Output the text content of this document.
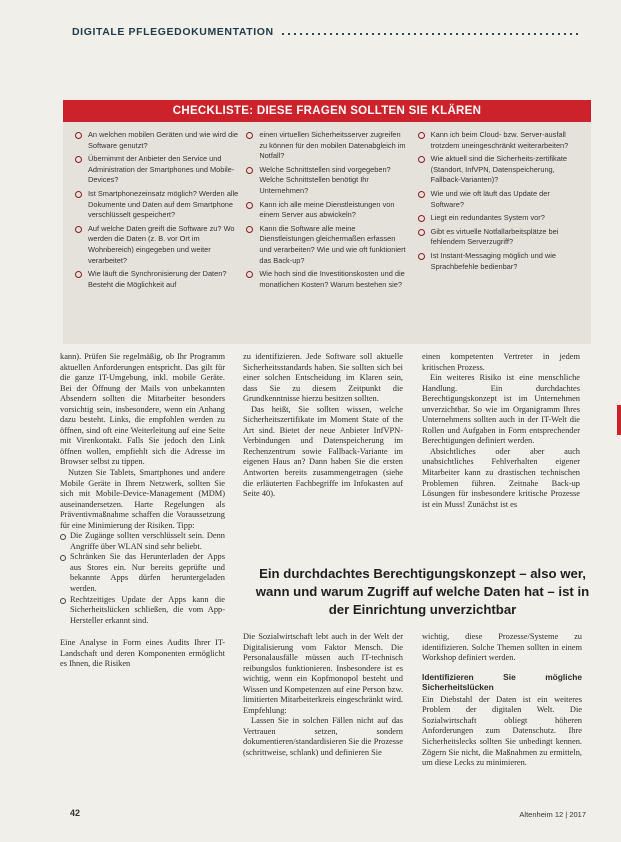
DIGITALE PFLEGEDOKUMENTATION
CHECKLISTE: DIESE FRAGEN SOLLTEN SIE KLÄREN
An welchen mobilen Geräten und wie wird die Software genutzt?
Übernimmt der Anbieter den Service und Administration der Smartphones und Mobile-Devices?
Ist Smartphonezeinsatz möglich? Werden alle Dokumente und Daten auf dem Smartphone verschlüsselt gespeichert?
Auf welche Daten greift die Software zu? Wo werden die Daten (z. B. vor Ort im Wohnbereich) eingegeben und weiter verarbeitet?
Wie läuft die Synchronisierung der Daten? Besteht die Möglichkeit auf
einen virtuellen Sicherheitsserver zugreifen zu können für den mobilen Datenabgleich im Notfall?
Welche Schnittstellen sind vorgegeben? Welche Schnittstellen benötigt Ihr Unternehmen?
Kann ich alle meine Dienstleistungen von einem Server aus abwickeln?
Kann die Software alle meine Dienstleistungen gleichermaßen erfassen und verarbeiten? Wie und wie oft funktioniert das Back-up?
Wie hoch sind die Investitionskosten und die monatlichen Kosten? Warum bestehen sie?
Kann ich beim Cloud- bzw. Server-ausfall trotzdem uneingeschränkt weiterarbeiten?
Wie aktuell sind die Sicherheits-zertifikate (Standort, InfVPN, Datenspeicherung, Fallback-Varianten)?
Wie und wie oft läuft das Update der Software?
Liegt ein redundantes System vor?
Gibt es virtuelle Notfallarbeitsplätze bei fehlendem Serverzugriff?
Ist Instant-Messaging möglich und wie Sprachbefehle bedienbar?

kann). Prüfen Sie regelmäßig, ob Ihr Programm aktuellen Anforderungen entspricht. Das gilt für die ganze IT-Umgebung, inkl. mobile Geräte. Bei der Öffnung der Mails von unbekannten Absendern sollten die Mitarbeiter besonders vorsichtig sein, insbesondere, wenn ein Anhang dazu besteht. Links, die empfohlen werden zu öffnen, sind oft eine Weiterleitung auf eine Seite mit Virenkontakt. Falls Sie jedoch den Link öffnen wollen, empfiehlt sich die Adresse im Browser selbst zu tippen.

Nutzen Sie Tablets, Smartphones und andere Mobile Geräte in Ihrem Netzwerk, sollten Sie sich mit Mobile-Device-Management (MDM) auseinandersetzen. Harte Regelungen als Präventivmaßnahme schaffen die Voraussetzung für eine Minimierung der Risiken. Tipp:

Die Zugänge sollten verschlüsselt sein. Denn Angriffe über WLAN sind sehr beliebt.
Schränken Sie das Herunterladen der Apps aus Stores ein. Nur bereits geprüfte und bekannte Apps dürfen heruntergeladen werden.
Rechtzeitiges Update der Apps kann die Sicherheitslücken schließen, die vom App-Hersteller erkannt sind.

Eine Analyse in Form eines Audits Ihrer IT-Landschaft und deren Komponenten ermöglicht es Ihnen, die Risiken

zu identifizieren. Jede Software soll aktuelle Sicherheitsstandards haben. Sie sollten sich bei einer solchen Entscheidung im Klaren sein, dass Sie zu diesem Zeitpunkt die Grundkenntnisse hierzu besitzen sollten.

Das heißt, Sie sollten wissen, welche Sicherheitszertifikate im Moment State of the Art sind. Bietet der neue Anbieter InfVPN-Verbindungen und Datenspeicherung im Rechenzentrum sowie Fallback-Variante im eigenen Haus an? Dann haben Sie die ersten Antworten bereits zusammengetragen (siehe die erläuterten Fachbegriffe im Infokasten auf Seite 40).

einen kompetenten Vertreter in jedem kritischen Prozess.

Ein weiteres Risiko ist eine menschliche Handlung. Ein durchdachtes Berechtigungskonzept ist im Unternehmen unverzichtbar. So wie im Organigramm Ihres Unternehmens sollten auch in der IT-Welt die Rollen und Aufgaben in Form entsprechender Berechtigungen definiert werden.

Absichtliches oder aber auch unabsichtliches Fehlverhalten eigener Mitarbeiter kann zu drastischen technischen Problemen führen. Zeitnahe Back-up Lösungen für insbesondere kritische Prozesse ist ein Muss! Zunächst ist es

Ein durchdachtes Berechtigungskonzept – also wer, wann und warum Zugriff auf welche Daten hat – ist in der Einrichtung unverzichtbar

Die Sozialwirtschaft lebt auch in der Welt der Digitalisierung vom Faktor Mensch. Die Personalausfälle müssen auch IT-technisch reibungslos funktionieren. Insbesondere ist es wichtig, wenn ein Kopfmonopol besteht und Wissen und Kompetenzen auf eine Person bzw. limitierten Mitarbeiterkreis eingeschränkt wird. Empfehlung:

Lassen Sie in solchen Fällen nicht auf das Vertrauen setzen, sondern dokumentieren/standardisieren Sie die Prozesse (schrittweise, schlank) und definieren Sie

wichtig, diese Prozesse/Systeme zu identifizieren. Solche Themen sollten in einem Workshop definiert werden.

Identifizieren Sie mögliche Sicherheitslücken

Ein Diebstahl der Daten ist ein weiteres Problem der digitalen Welt. Die Sozialwirtschaft obliegt höheren Anforderungen zum Datenschutz. Ihre Sicherheitslecks sollten Sie unbedingt kennen. Zögern Sie nicht, die Maßnahmen zu ermitteln, um diese Lecks zu minimieren.

42	Altenheim 12 | 2017
